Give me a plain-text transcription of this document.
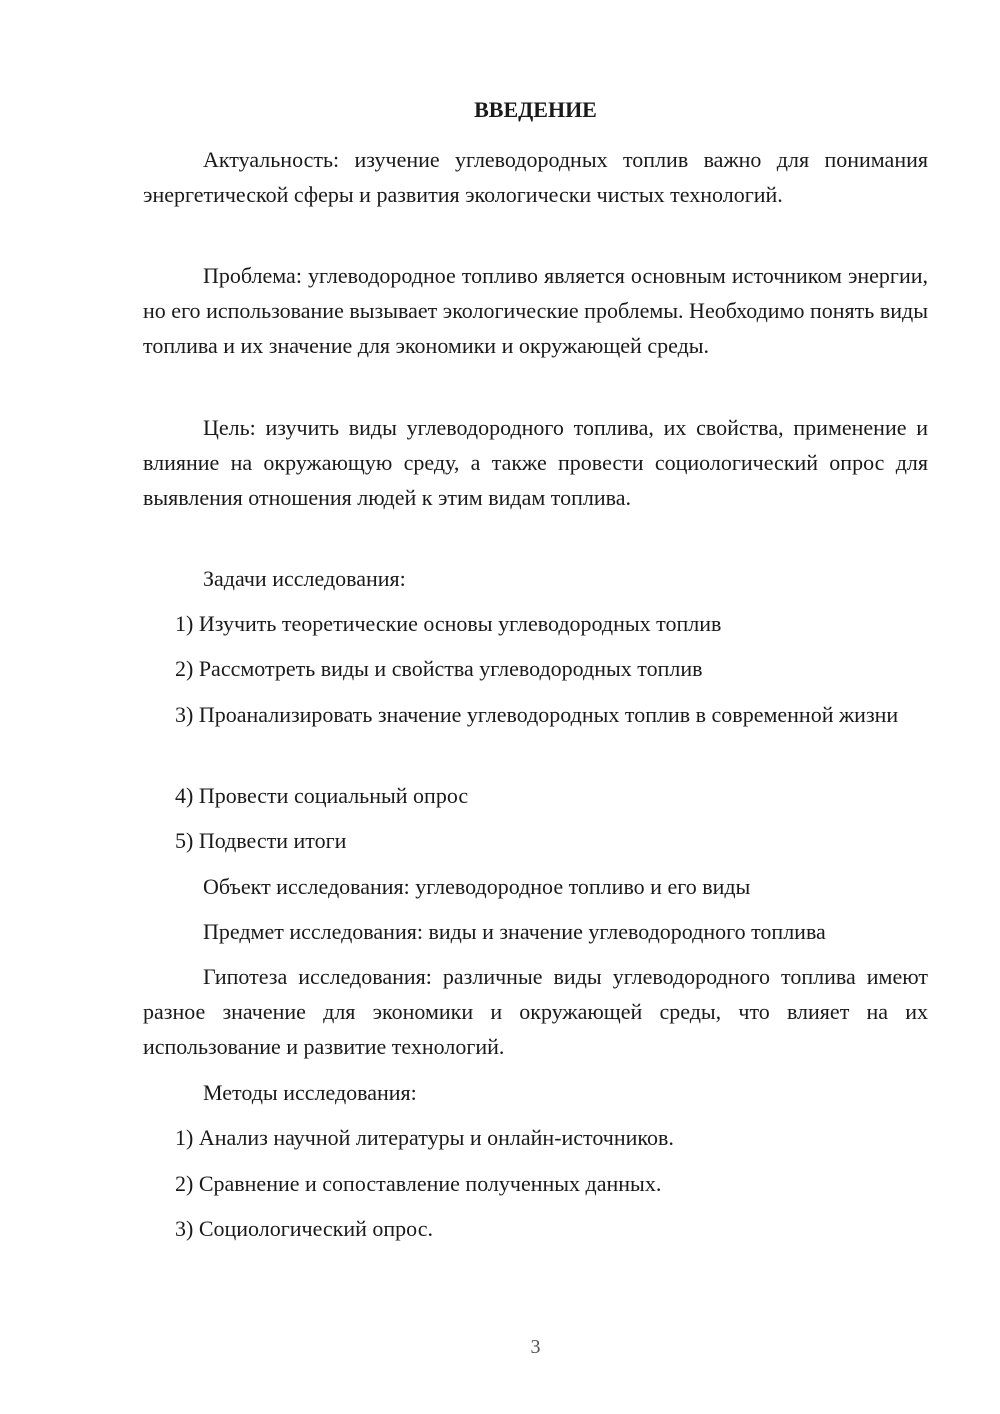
ВВЕДЕНИЕ

Актуальность: изучение углеводородных топлив важно для понимания энергетической сферы и развития экологически чистых технологий.

Проблема: углеводородное топливо является основным источником энергии, но его использование вызывает экологические проблемы. Необходимо понять виды топлива и их значение для экономики и окружающей среды.

Цель: изучить виды углеводородного топлива, их свойства, применение и влияние на окружающую среду, а также провести социологический опрос для выявления отношения людей к этим видам топлива.

Задачи исследования:

1) Изучить теоретические основы углеводородных топлив

2) Рассмотреть виды и свойства углеводородных топлив

3) Проанализировать значение углеводородных топлив в современной жизни

4) Провести социальный опрос

5) Подвести итоги

Объект исследования: углеводородное топливо и его виды

Предмет исследования: виды и значение углеводородного топлива

Гипотеза исследования: различные виды углеводородного топлива имеют разное значение для экономики и окружающей среды, что влияет на их использование и развитие технологий.

Методы исследования:

1) Анализ научной литературы и онлайн-источников.

2) Сравнение и сопоставление полученных данных.

3) Социологический опрос.

3
